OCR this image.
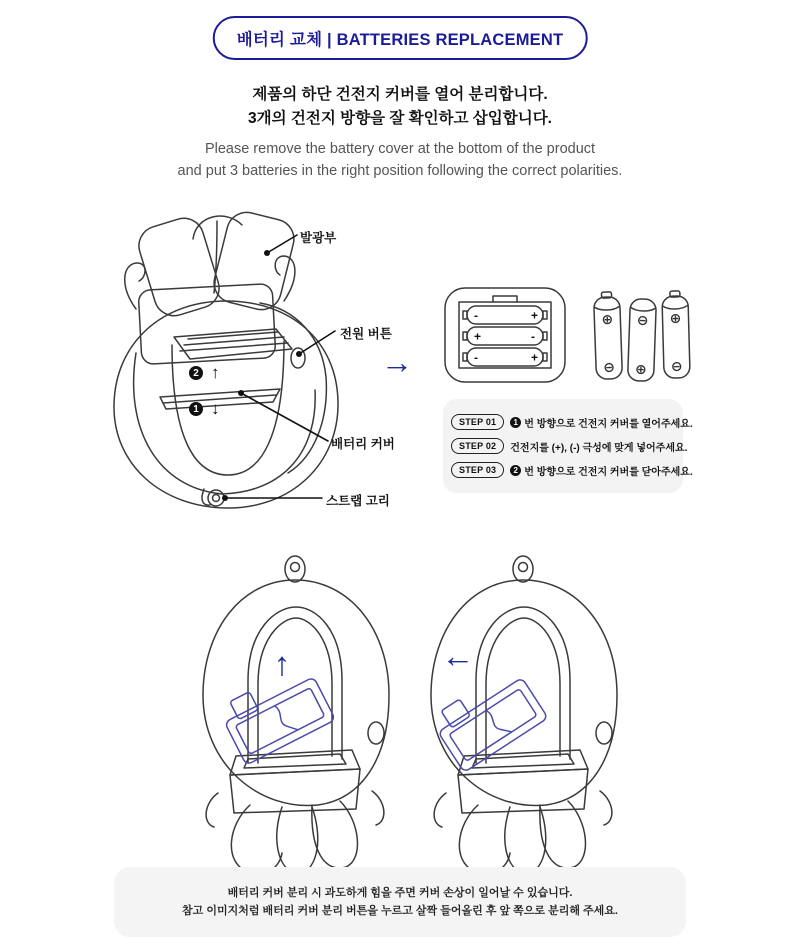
배터리 교체 | BATTERIES REPLACEMENT
제품의 하단 건전지 커버를 열어 분리합니다.
3개의 건전지 방향을 잘 확인하고 삽입합니다.
Please remove the battery cover at the bottom of the product
and put 3 batteries in the right position following the correct polarities.
발광부
전원 버튼
배터리 커버
스트랩 고리
2 ↑
1 ↓
→
-	+
+	-
-	+
⊕
⊖
⊖
⊕
⊕
⊖
STEP 01	1 번 방향으로 건전지 커버를 열어주세요.
STEP 02	건전지를 (+), (-) 극성에 맞게 넣어주세요.
STEP 03	2 번 방향으로 건전지 커버를 닫아주세요.
↑	←
배터리 커버 분리 시 과도하게 힘을 주면 커버 손상이 일어날 수 있습니다.
참고 이미지처럼 배터리 커버 분리 버튼을 누르고 살짝 들어올린 후 앞 쪽으로 분리해 주세요.
